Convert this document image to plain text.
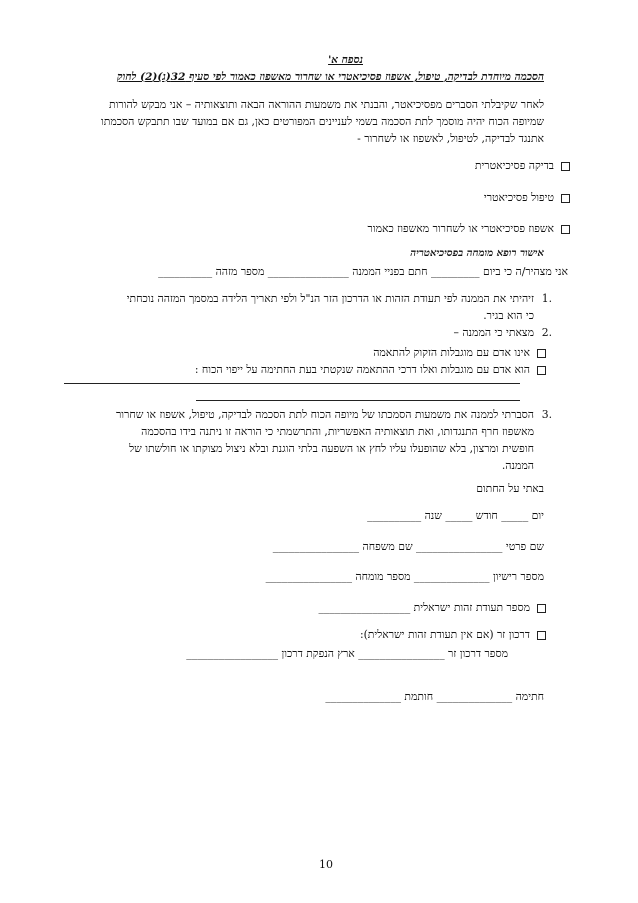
נספח א'
הסכמה מיוחדת לבדיקה, טיפול, אשפוז פסיכיאטרי או שחרור מאשפוז כאמור לפי סעיף 32(ג)(2) לחוק
לאחר שקיבלתי הסברים מפסיכיאטר, והבנתי את משמעות ההוראה הבאה ותוצאותיה – אני מבקש להורות
שמיופה הכוח יהיה מוסמך לתת הסכמה בשמי לעניינים המפורטים כאן, גם אם במועד שבו תתבקש הסכמתו
אתנגד לבדיקה, לטיפול, לאשפוז או לשחרור -
בדיקה פסיכיאטרית
טיפול פסיכיאטרי
אשפוז פסיכיאטרי או לשחרור מאשפוז כאמור
אישור רופא מומחה בפסיכיאטריה
אני מצהיר/ה כי ביום _________ חתם בפניי הממנה _______________ מספר מזהה __________
.1
זיהיתי את הממנה לפי תעודת הזהות או הדרכון הזר הנ"ל ולפי תאריך הלידה במסמך המזהה נוכחתי
כי הוא בגיר.
.2
מצאתי כי הממנה –
אינו אדם עם מוגבלות הזקוק להתאמה
הוא אדם עם מוגבלות ואלו דרכי ההתאמה שנקטתי בעת החתימה על ייפוי הכוח :
.3
הסברתי לממנה את משמעות הסמכתו של מיופה הכוח לתת הסכמה לבדיקה, טיפול, אשפוז או שחרור
מאשפוז חרף התנגדותו, ואת תוצאותיה האפשריות, והתרשמתי כי הוראה זו ניתנה בידו בהסכמה
חופשית ומרצון, בלא שהופעלו עליו לחץ או השפעה בלתי הוגנת ובלא ניצול מצוקתו או חולשתו של
הממנה.
באתי על החתום
יום _____ חודש _____ שנה __________
שם פרטי ________________ שם משפחה ________________
מספר רישיון ______________ מספר מומחה ________________
מספר תעודת זהות ישראלית _________________
דרכון זר (אם אין תעודת זהות ישראלית):
מספר דרכון זר ________________ ארץ הנפקת דרכון _________________
חתימה ______________ חותמת ______________
10
